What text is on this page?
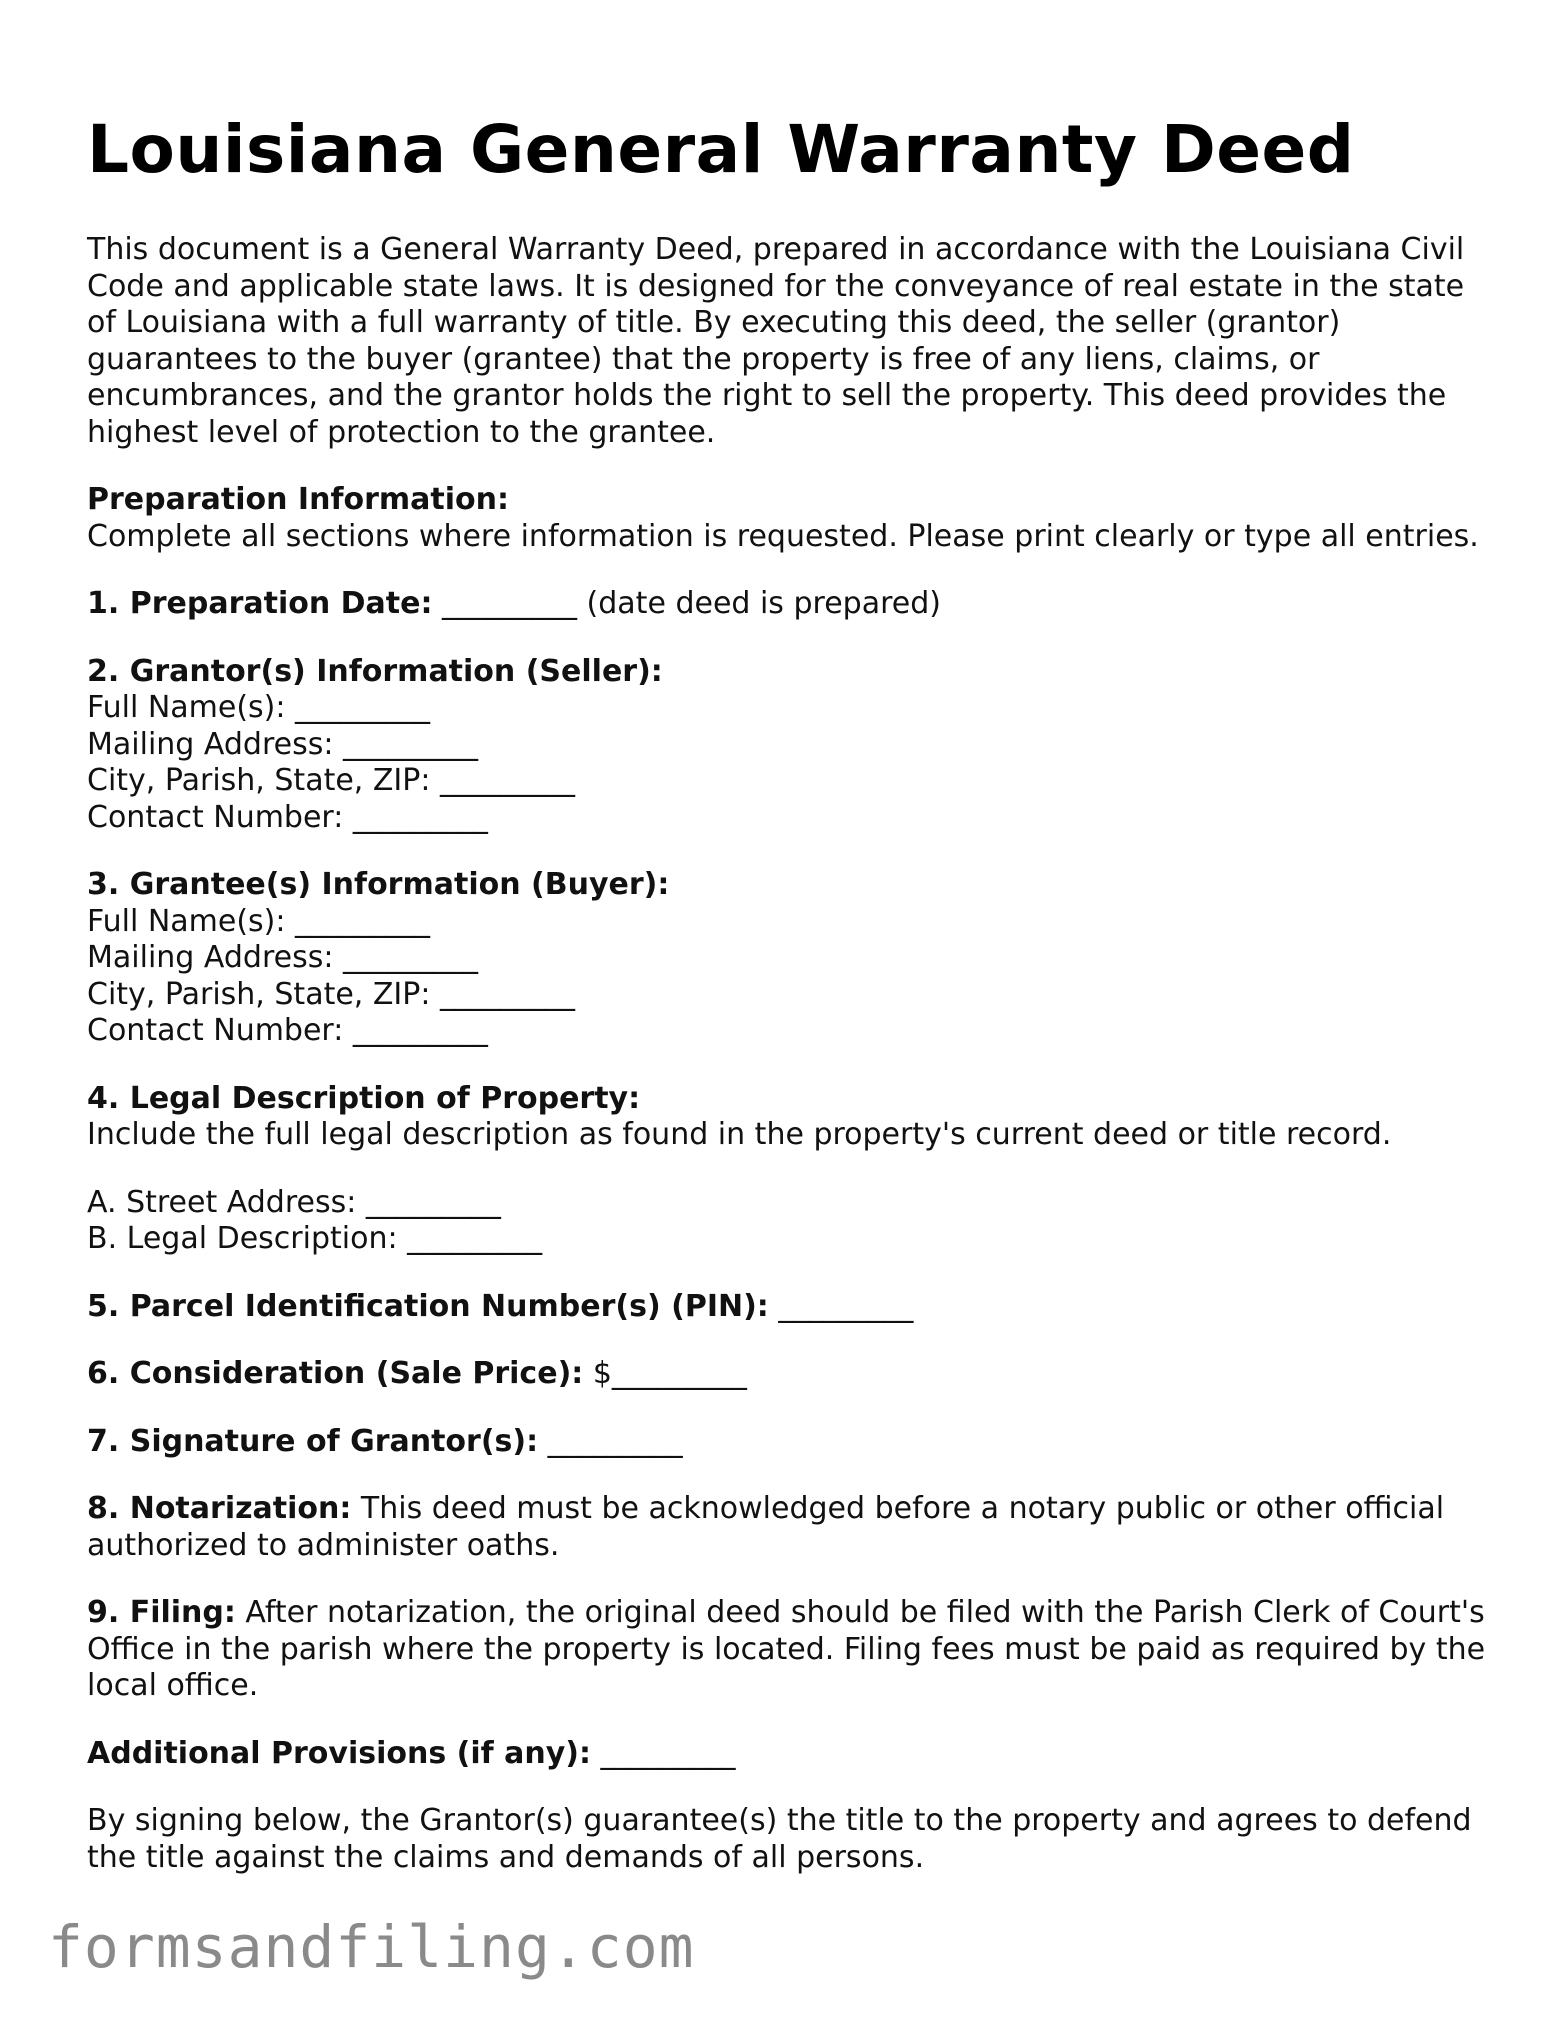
Louisiana General Warranty Deed

This document is a General Warranty Deed, prepared in accordance with the Louisiana Civil Code and applicable state laws. It is designed for the conveyance of real estate in the state of Louisiana with a full warranty of title. By executing this deed, the seller (grantor) guarantees to the buyer (grantee) that the property is free of any liens, claims, or encumbrances, and the grantor holds the right to sell the property. This deed provides the highest level of protection to the grantee.

Preparation Information:
Complete all sections where information is requested. Please print clearly or type all entries.

1. Preparation Date: _________ (date deed is prepared)

2. Grantor(s) Information (Seller):
Full Name(s): _________
Mailing Address: _________
City, Parish, State, ZIP: _________
Contact Number: _________
3. Grantee(s) Information (Buyer):
Full Name(s): _________
Mailing Address: _________
City, Parish, State, ZIP: _________
Contact Number: _________
4. Legal Description of Property:
Include the full legal description as found in the property's current deed or title record.
A. Street Address: _________
B. Legal Description: _________

5. Parcel Identification Number(s) (PIN): _________

6. Consideration (Sale Price): $_________

7. Signature of Grantor(s): _________

8. Notarization: This deed must be acknowledged before a notary public or other official authorized to administer oaths.

9. Filing: After notarization, the original deed should be filed with the Parish Clerk of Court's Office in the parish where the property is located. Filing fees must be paid as required by the local office.

Additional Provisions (if any): _________

By signing below, the Grantor(s) guarantee(s) the title to the property and agrees to defend the title against the claims and demands of all persons.

formsandfiling.com
